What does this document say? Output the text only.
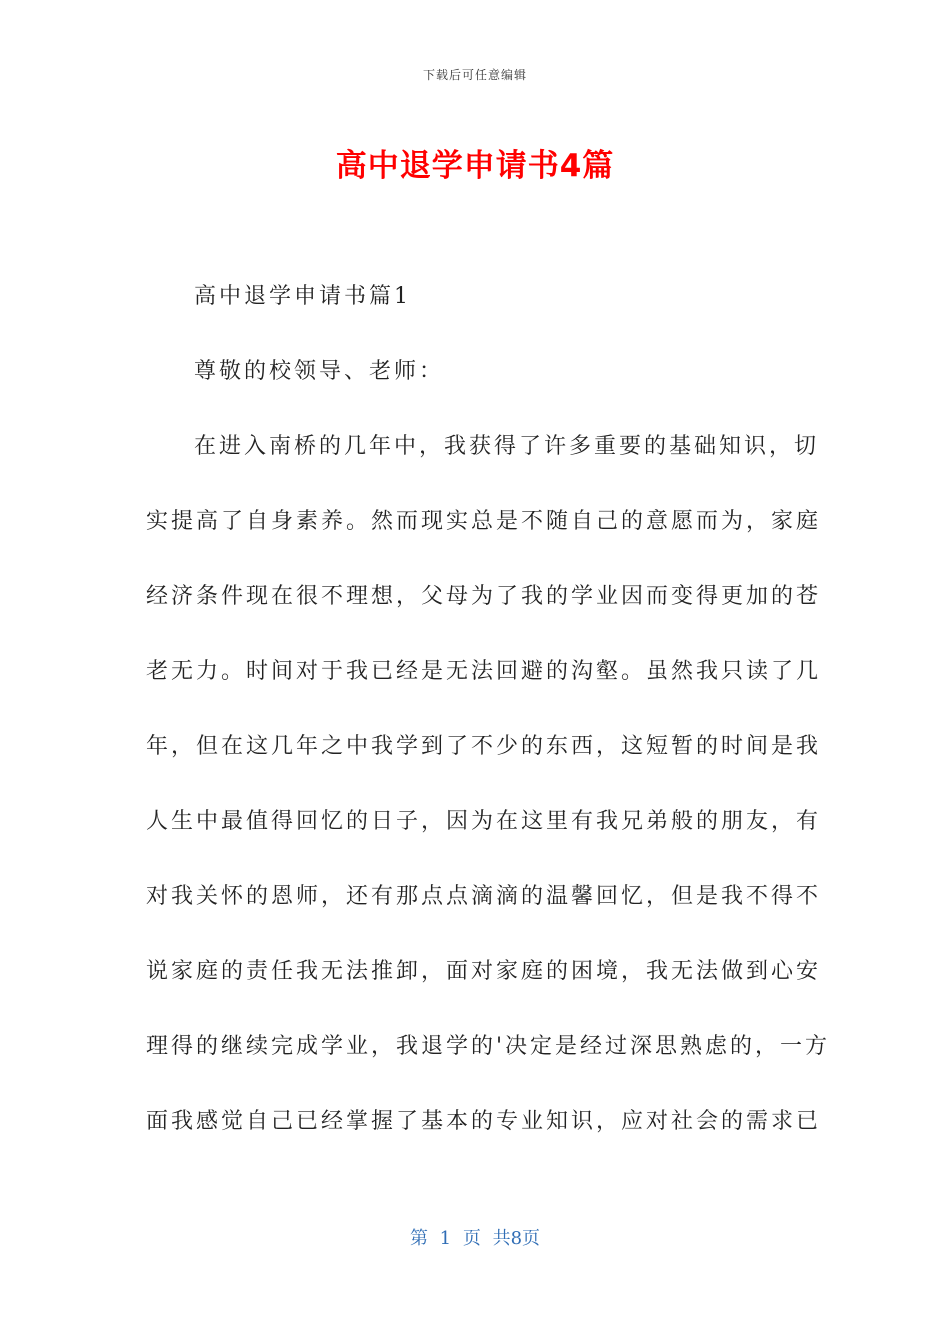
下载后可任意编辑
高中退学申请书4篇
高中退学申请书篇1
尊敬的校领导、老师：
在进入南桥的几年中，我获得了许多重要的基础知识，切
实提高了自身素养。然而现实总是不随自己的意愿而为，家庭
经济条件现在很不理想，父母为了我的学业因而变得更加的苍
老无力。时间对于我已经是无法回避的沟壑。虽然我只读了几
年，但在这几年之中我学到了不少的东西，这短暂的时间是我
人生中最值得回忆的日子，因为在这里有我兄弟般的朋友，有
对我关怀的恩师，还有那点点滴滴的温馨回忆，但是我不得不
说家庭的责任我无法推卸，面对家庭的困境，我无法做到心安
理得的继续完成学业，我退学的'决定是经过深思熟虑的，一方
面我感觉自己已经掌握了基本的专业知识，应对社会的需求已
第 1 页 共8页
